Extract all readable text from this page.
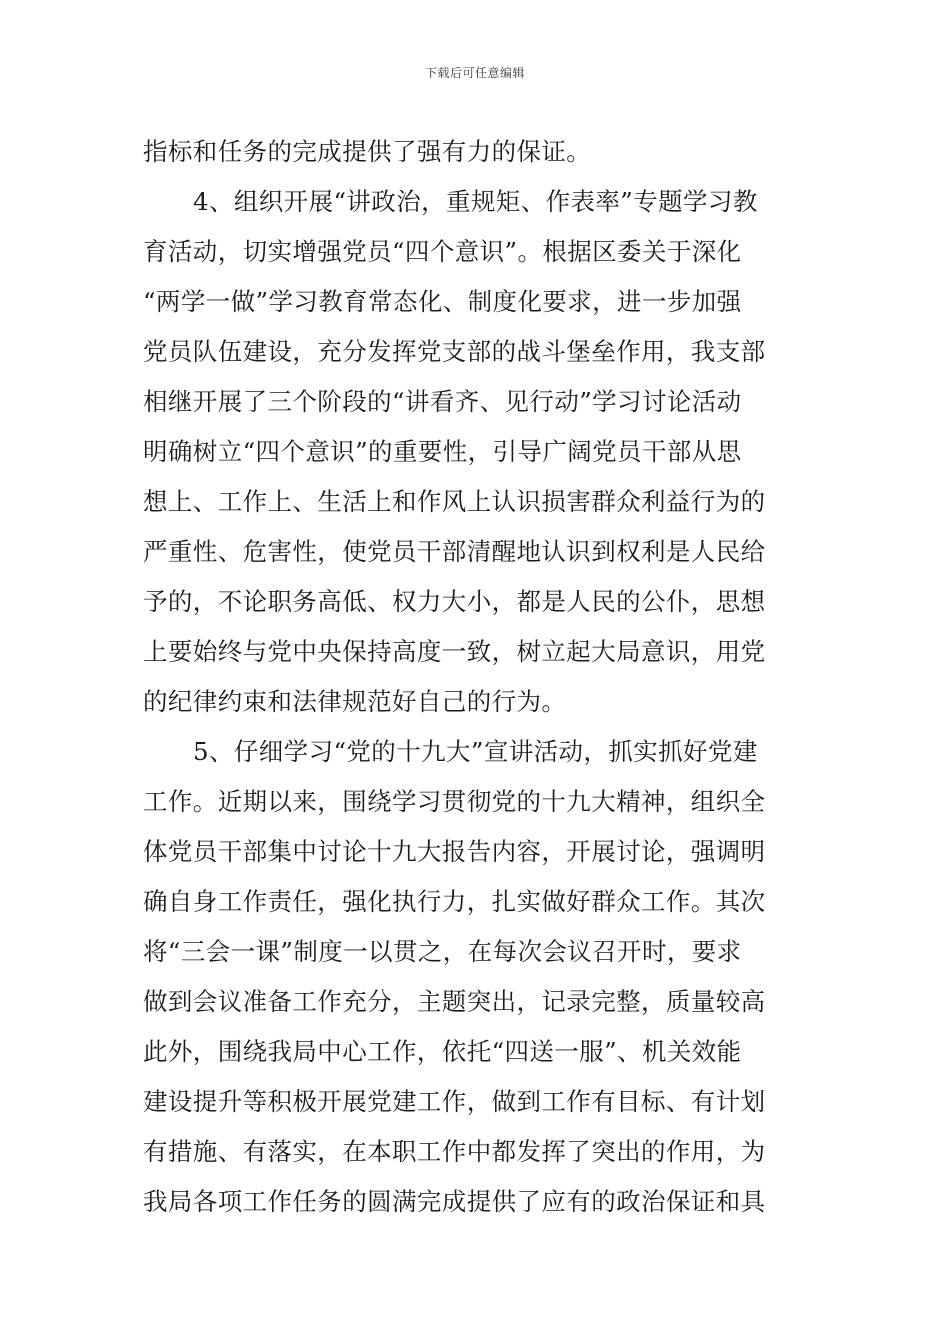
下载后可任意编辑
指标和任务的完成提供了强有力的保证。
4、组织开展“讲政治，重规矩、作表率”专题学习教
育活动，切实增强党员“四个意识”。根据区委关于深化
“两学一做”学习教育常态化、制度化要求，进一步加强
党员队伍建设，充分发挥党支部的战斗堡垒作用，我支部
相继开展了三个阶段的“讲看齐、见行动”学习讨论活动
明确树立“四个意识”的重要性，引导广阔党员干部从思
想上、工作上、生活上和作风上认识损害群众利益行为的
严重性、危害性，使党员干部清醒地认识到权利是人民给
予的，不论职务高低、权力大小，都是人民的公仆，思想
上要始终与党中央保持高度一致，树立起大局意识，用党
的纪律约束和法律规范好自己的行为。
5、仔细学习“党的十九大”宣讲活动，抓实抓好党建
工作。近期以来，围绕学习贯彻党的十九大精神，组织全
体党员干部集中讨论十九大报告内容，开展讨论，强调明
确自身工作责任，强化执行力，扎实做好群众工作。其次
将“三会一课”制度一以贯之，在每次会议召开时，要求
做到会议准备工作充分，主题突出，记录完整，质量较高
此外，围绕我局中心工作，依托“四送一服”、机关效能
建设提升等积极开展党建工作，做到工作有目标、有计划
有措施、有落实，在本职工作中都发挥了突出的作用，为
我局各项工作任务的圆满完成提供了应有的政治保证和具
